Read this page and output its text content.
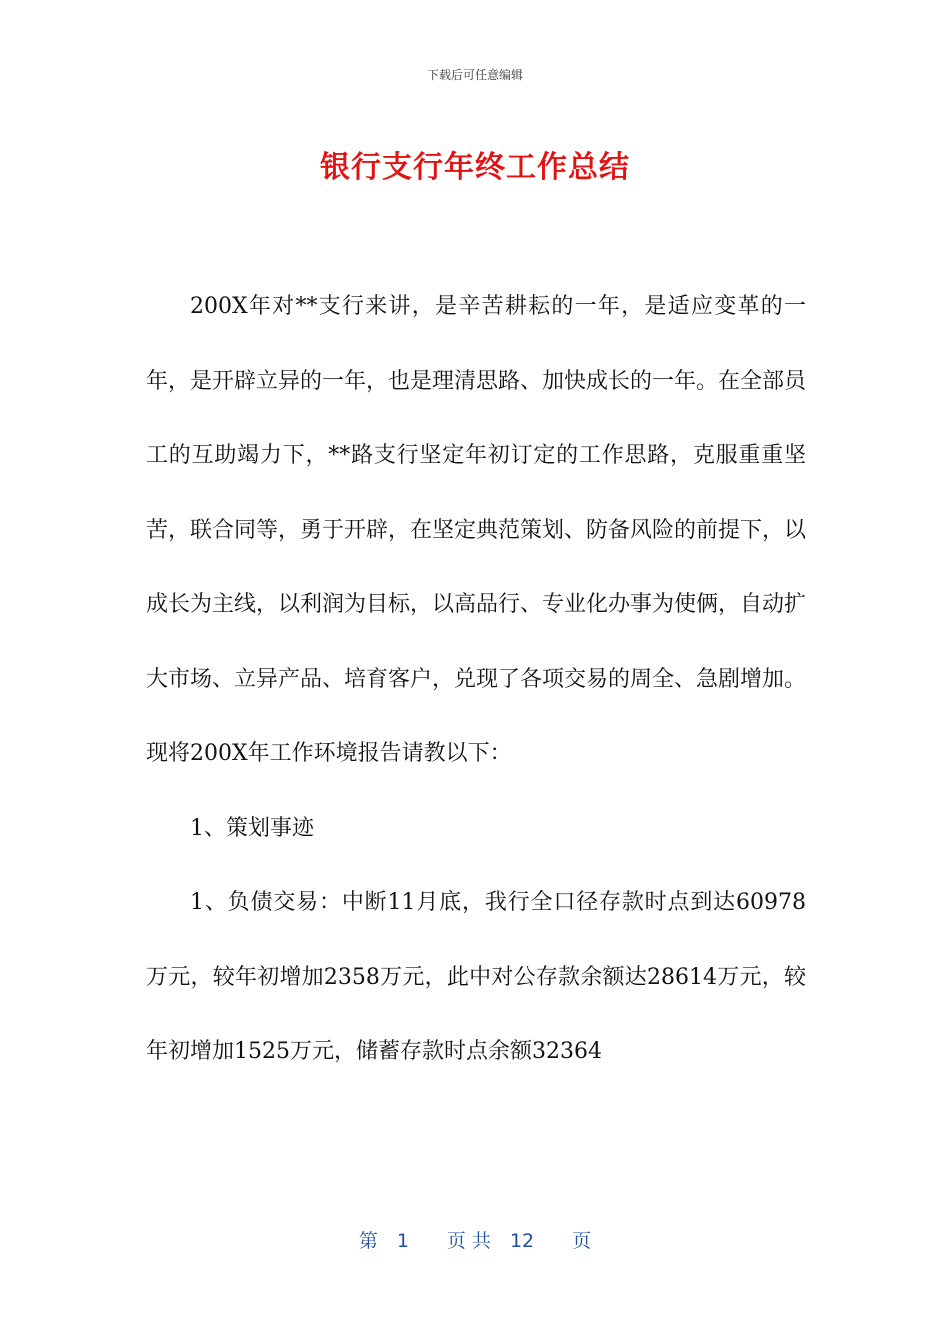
下载后可任意编辑
银行支行年终工作总结

200X年对**支行来讲，是辛苦耕耘的一年，是适应变革的一年，是开辟立异的一年，也是理清思路、加快成长的一年。在全部员工的互助竭力下，**路支行坚定年初订定的工作思路，克服重重坚苦，联合同等，勇于开辟，在坚定典范策划、防备风险的前提下，以成长为主线，以利润为目标，以高品行、专业化办事为使俩，自动扩大市场、立异产品、培育客户，兑现了各项交易的周全、急剧增加。现将200X年工作环境报告请教以下：

1、策划事迹

1、负债交易：中断11月底，我行全口径存款时点到达60978万元，较年初增加2358万元，此中对公存款余额达28614万元，较年初增加1525万元，储蓄存款时点余额32364

第　1　　页 共　12　　页
